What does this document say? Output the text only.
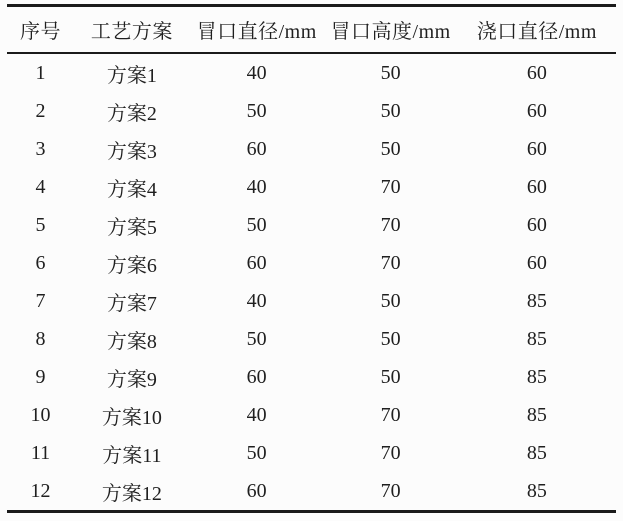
序号	工艺方案	冒口直径/mm	冒口高度/mm	浇口直径/mm
1	方案1	40	50	60
2	方案2	50	50	60
3	方案3	60	50	60
4	方案4	40	70	60
5	方案5	50	70	60
6	方案6	60	70	60
7	方案7	40	50	85
8	方案8	50	50	85
9	方案9	60	50	85
10	方案10	40	70	85
11	方案11	50	70	85
12	方案12	60	70	85
